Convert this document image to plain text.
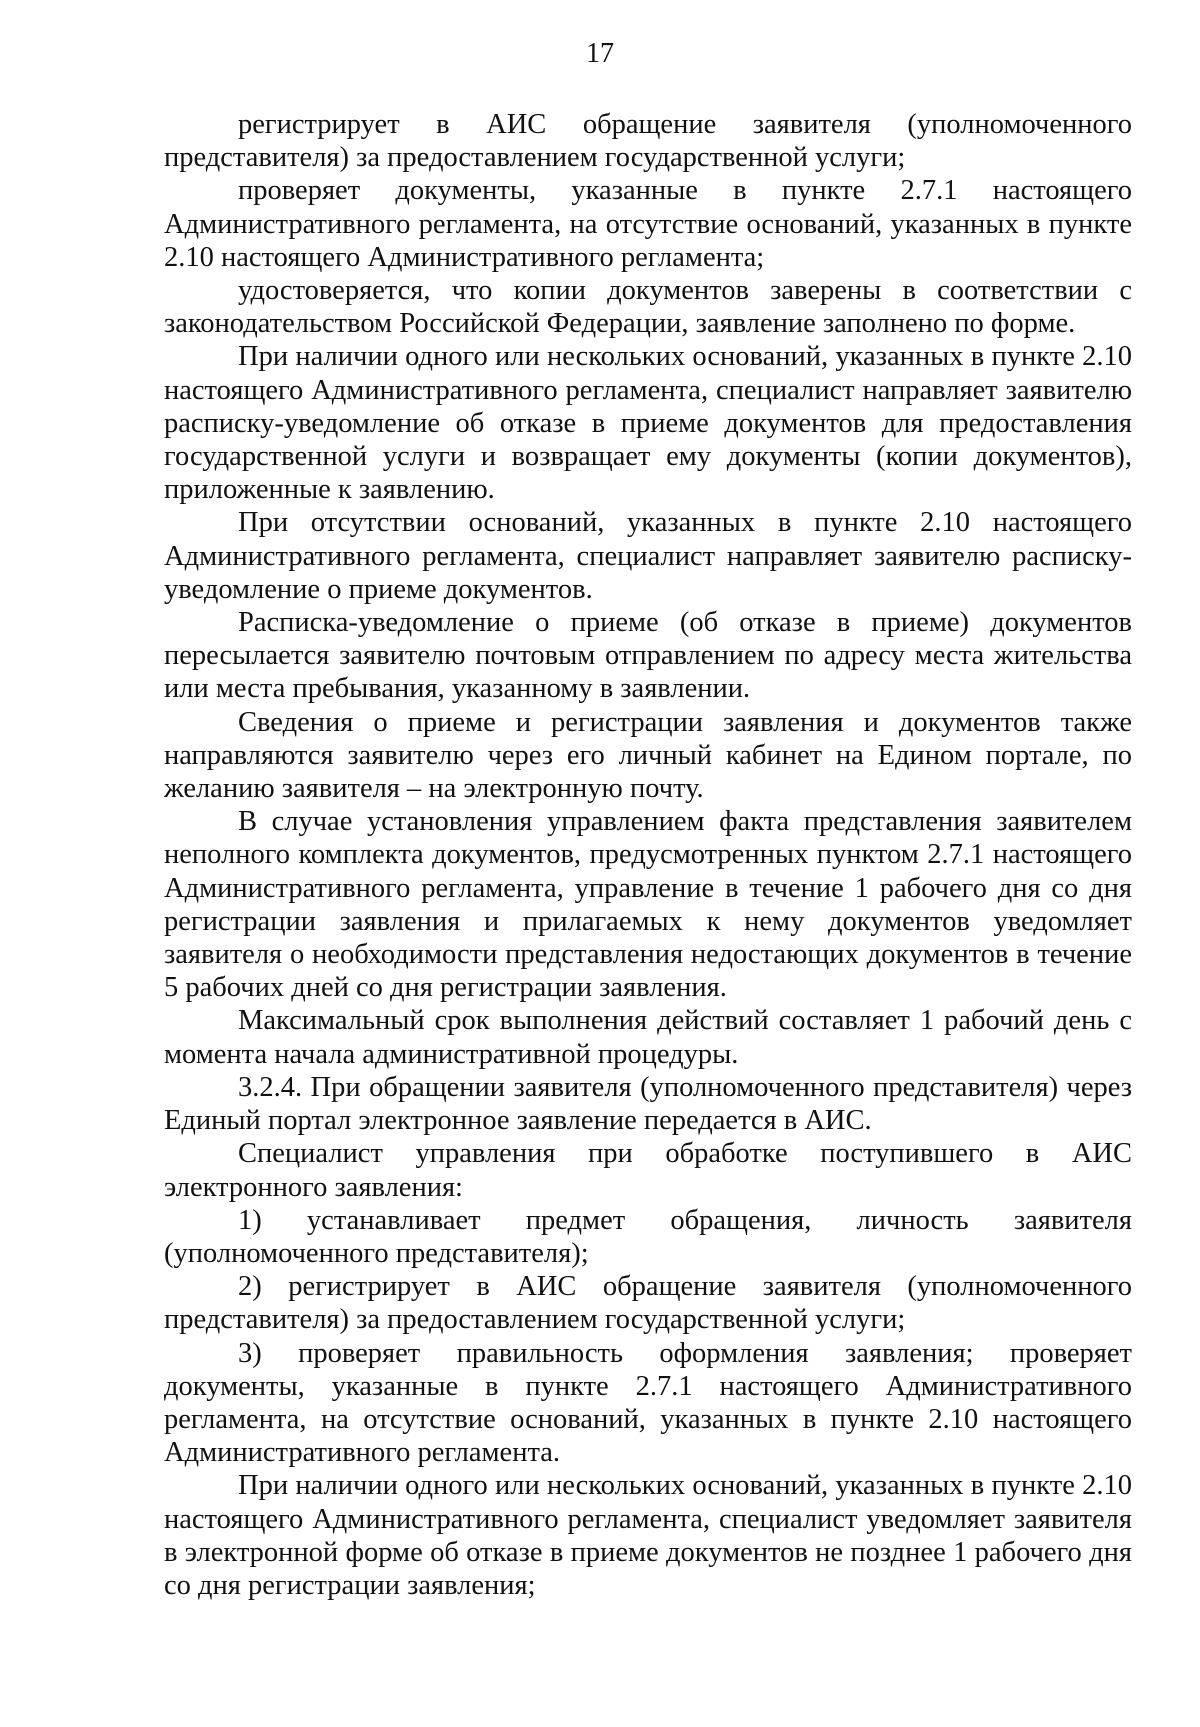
17

регистрирует в АИС обращение заявителя (уполномоченного представителя) за предоставлением государственной услуги;

проверяет документы, указанные в пункте 2.7.1 настоящего Административного регламента, на отсутствие оснований, указанных в пункте 2.10 настоящего Административного регламента;

удостоверяется, что копии документов заверены в соответствии с законодательством Российской Федерации, заявление заполнено по форме.

При наличии одного или нескольких оснований, указанных в пункте 2.10 настоящего Административного регламента, специалист направляет заявителю расписку-уведомление об отказе в приеме документов для предоставления государственной услуги и возвращает ему документы (копии документов), приложенные к заявлению.

При отсутствии оснований, указанных в пункте 2.10 настоящего Административного регламента, специалист направляет заявителю расписку-уведомление о приеме документов.

Расписка-уведомление о приеме (об отказе в приеме) документов пересылается заявителю почтовым отправлением по адресу места жительства или места пребывания, указанному в заявлении.

Сведения о приеме и регистрации заявления и документов также направляются заявителю через его личный кабинет на Едином портале, по желанию заявителя – на электронную почту.

В случае установления управлением факта представления заявителем неполного комплекта документов, предусмотренных пунктом 2.7.1 настоящего Административного регламента, управление в течение 1 рабочего дня со дня регистрации заявления и прилагаемых к нему документов уведомляет заявителя о необходимости представления недостающих документов в течение 5 рабочих дней со дня регистрации заявления.

Максимальный срок выполнения действий составляет 1 рабочий день с момента начала административной процедуры.

3.2.4. При обращении заявителя (уполномоченного представителя) через Единый портал электронное заявление передается в АИС.

Специалист управления при обработке поступившего в АИС электронного заявления:

1) устанавливает предмет обращения, личность заявителя (уполномоченного представителя);

2) регистрирует в АИС обращение заявителя (уполномоченного представителя) за предоставлением государственной услуги;

3) проверяет правильность оформления заявления; проверяет документы, указанные в пункте 2.7.1 настоящего Административного регламента, на отсутствие оснований, указанных в пункте 2.10 настоящего Административного регламента.

При наличии одного или нескольких оснований, указанных в пункте 2.10 настоящего Административного регламента, специалист уведомляет заявителя в электронной форме об отказе в приеме документов не позднее 1 рабочего дня со дня регистрации заявления;
